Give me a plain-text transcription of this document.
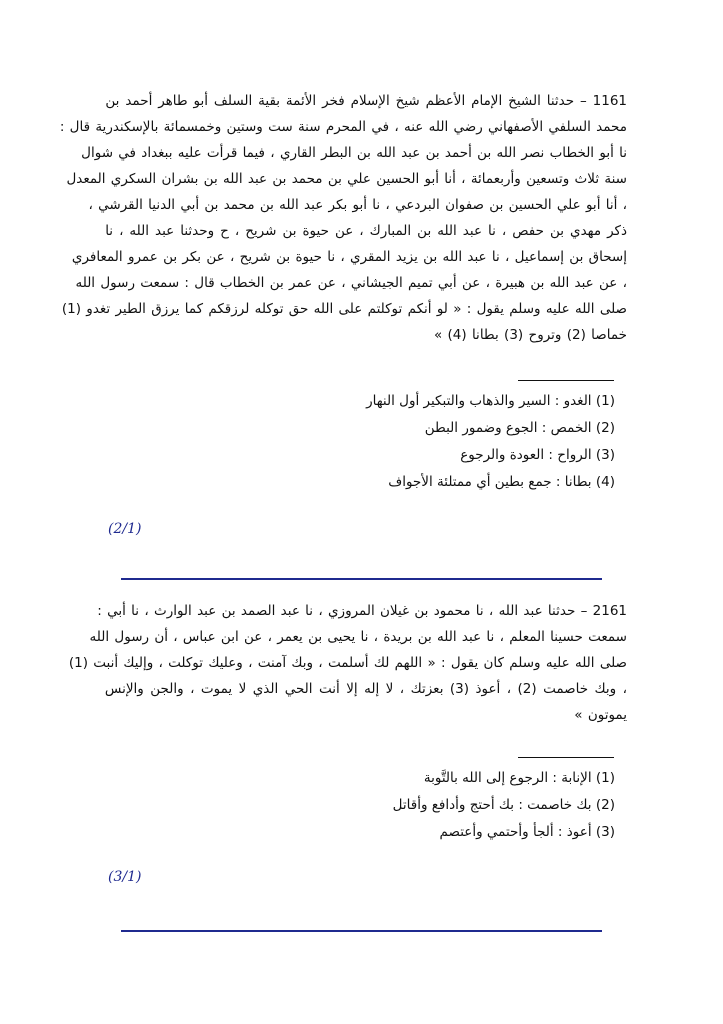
1161 – حدثنا الشيخ الإمام الأعظم شيخ الإسلام فخر الأئمة بقية السلف أبو طاهر أحمد بن
محمد السلفي الأصفهاني رضي الله عنه ، في المحرم سنة ست وستين وخمسمائة بالإسكندرية قال :
نا أبو الخطاب نصر الله بن أحمد بن عبد الله بن البطر القاري ، فيما قرأت عليه ببغداد في شوال
سنة ثلاث وتسعين وأربعمائة ، أنا أبو الحسين علي بن محمد بن عبد الله بن بشران السكري المعدل
، أنا أبو علي الحسين بن صفوان البردعي ، نا أبو بكر عبد الله بن محمد بن أبي الدنيا القرشي ،
ذكر مهدي بن حفص ، نا عبد الله بن المبارك ، عن حيوة بن شريح ، ح وحدثنا عبد الله ، نا
إسحاق بن إسماعيل ، نا عبد الله بن يزيد المقري ، نا حيوة بن شريح ، عن بكر بن عمرو المعافري
، عن عبد الله بن هبيرة ، عن أبي تميم الجيشاني ، عن عمر بن الخطاب قال : سمعت رسول الله
صلى الله عليه وسلم يقول : « لو أنكم توكلتم على الله حق توكله لرزقكم كما يرزق الطير تغدو (1)
خماصا (2) وتروح (3) بطانا (4) »
(1) الغدو : السير والذهاب والتبكير أول النهار
(2) الخمص : الجوع وضمور البطن
(3) الرواح : العودة والرجوع
(4) بطانا : جمع بطين أي ممتلئة الأجواف
(2/1)
2161 – حدثنا عبد الله ، نا محمود بن غيلان المروزي ، نا عبد الصمد بن عبد الوارث ، نا أبي :
سمعت حسينا المعلم ، نا عبد الله بن بريدة ، نا يحيى بن يعمر ، عن ابن عباس ، أن رسول الله
صلى الله عليه وسلم كان يقول : « اللهم لك أسلمت ، وبك آمنت ، وعليك توكلت ، وإليك أنبت (1)
، وبك خاصمت (2) ، أعوذ (3) بعزتك ، لا إله إلا أنت الحي الذي لا يموت ، والجن والإنس
يموتون »
(1) الإنابة : الرجوع إلى الله بالتَّوبة
(2) بك خاصمت : بك أحتج وأدافع وأقاتل
(3) أعوذ : ألجأ وأحتمي وأعتصم
(3/1)
